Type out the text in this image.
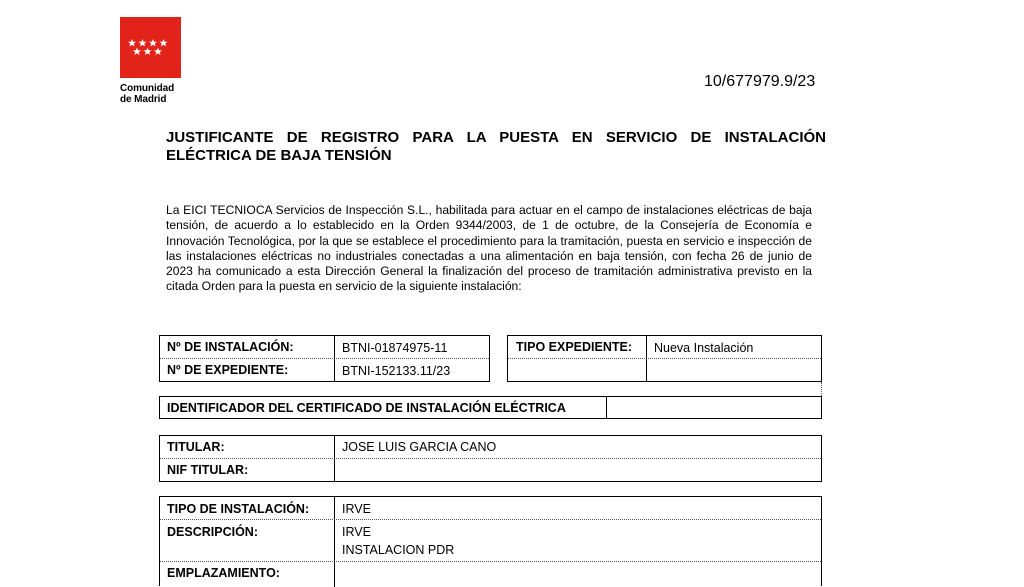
Comunidad
de Madrid
10/677979.9/23
JUSTIFICANTE DE REGISTRO PARA LA PUESTA EN SERVICIO DE INSTALACIÓN ELÉCTRICA DE BAJA TENSIÓN
La EICI TECNIOCA Servicios de Inspección S.L., habilitada para actuar en el campo de instalaciones eléctricas de baja tensión, de acuerdo a lo establecido en la Orden 9344/2003, de 1 de octubre, de la Consejería de Economía e Innovación Tecnológica, por la que se establece el procedimiento para la tramitación, puesta en servicio e inspección de las instalaciones eléctricas no industriales conectadas a una alimentación en baja tensión, con fecha 26 de junio de 2023 ha comunicado a esta Dirección General la finalización del proceso de tramitación administrativa previsto en la citada Orden para la puesta en servicio de la siguiente instalación:
Nº DE INSTALACIÓN:	BTNI-01874975-11
Nº DE EXPEDIENTE:	BTNI-152133.11/23
TIPO EXPEDIENTE: Nueva Instalación
IDENTIFICADOR DEL CERTIFICADO DE INSTALACIÓN ELÉCTRICA
TITULAR:	JOSE LUIS GARCIA CANO
NIF TITULAR:
TIPO DE INSTALACIÓN:	IRVE
DESCRIPCIÓN:	IRVE
INSTALACION PDR
EMPLAZAMIENTO:
